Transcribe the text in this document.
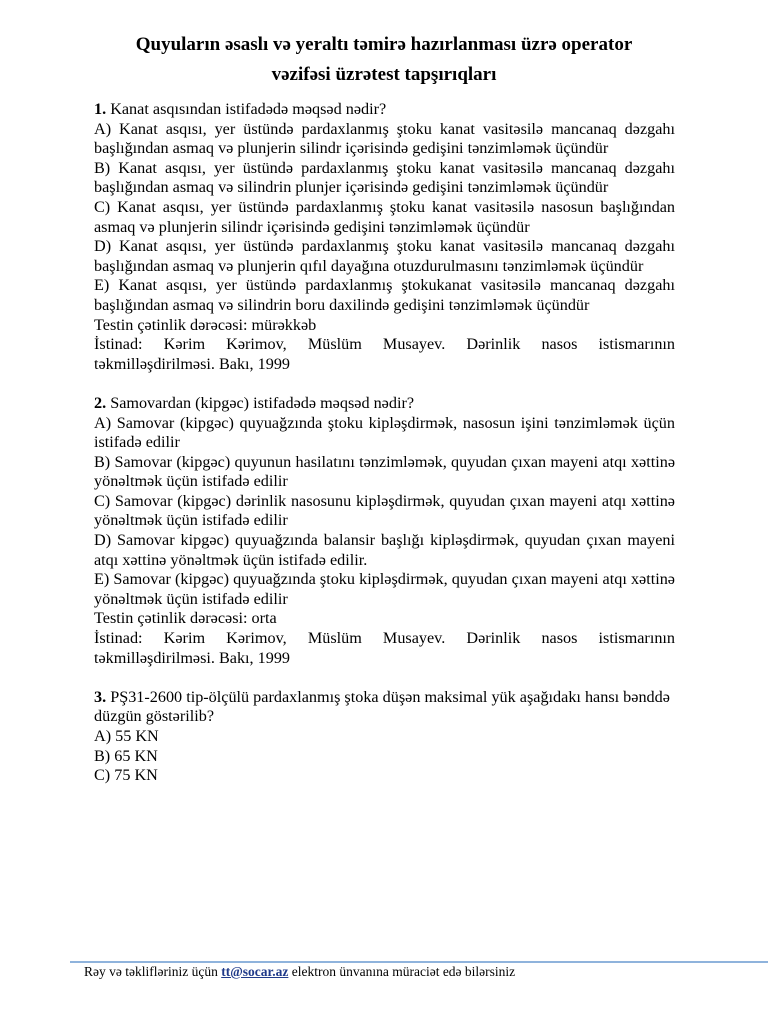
Quyuların əsaslı və yeraltı təmirə hazırlanması üzrə operator
vəzifəsi üzrətest tapşırıqları

1. Kanat asqısından istifadədə məqsəd nədir?

A) Kanat asqısı, yer üstündə pardaxlanmış ştoku kanat vasitəsilə mancanaq dəzgahı başlığından asmaq və plunjerin silindr içərisində gedişini tənzimləmək üçündür

B) Kanat asqısı, yer üstündə pardaxlanmış ştoku kanat vasitəsilə mancanaq dəzgahı başlığından asmaq və silindrin plunjer içərisində gedişini tənzimləmək üçündür

C) Kanat asqısı, yer üstündə pardaxlanmış ştoku kanat vasitəsilə nasosun başlığından asmaq və plunjerin silindr içərisində gedişini tənzimləmək üçündür

D) Kanat asqısı, yer üstündə pardaxlanmış ştoku kanat vasitəsilə mancanaq dəzgahı başlığından asmaq və plunjerin qıfıl dayağına otuzdurulmasını tənzimləmək üçündür

E) Kanat asqısı, yer üstündə pardaxlanmış ştokukanat vasitəsilə mancanaq dəzgahı başlığından asmaq və silindrin boru daxilində gedişini tənzimləmək üçündür

Testin çətinlik dərəcəsi: mürəkkəb

İstinad: Kərim Kərimov, Müslüm Musayev. Dərinlik nasos istismarının təkmilləşdirilməsi. Bakı, 1999

2. Samovardan (kipgəc) istifadədə məqsəd nədir?

A) Samovar (kipgəc) quyuağzında ştoku kipləşdirmək, nasosun işini tənzimləmək üçün istifadə edilir

B) Samovar (kipgəc) quyunun hasilatını tənzimləmək, quyudan çıxan mayeni atqı xəttinə yönəltmək üçün istifadə edilir

C) Samovar (kipgəc) dərinlik nasosunu kipləşdirmək, quyudan çıxan mayeni atqı xəttinə yönəltmək üçün istifadə edilir

D) Samovar kipgəc) quyuağzında balansir başlığı kipləşdirmək, quyudan çıxan mayeni atqı xəttinə yönəltmək üçün istifadə edilir.

E) Samovar (kipgəc) quyuağzında ştoku kipləşdirmək, quyudan çıxan mayeni atqı xəttinə yönəltmək üçün istifadə edilir

Testin çətinlik dərəcəsi: orta

İstinad: Kərim Kərimov, Müslüm Musayev. Dərinlik nasos istismarının təkmilləşdirilməsi. Bakı, 1999

3. PŞ31-2600 tip-ölçülü pardaxlanmış ştoka düşən maksimal yük aşağıdakı hansı bənddə düzgün göstərilib?

A) 55 KN

B) 65 KN

C) 75 KN

Rəy və təklifləriniz üçün tt@socar.az elektron ünvanına müraciət edə bilərsiniz
